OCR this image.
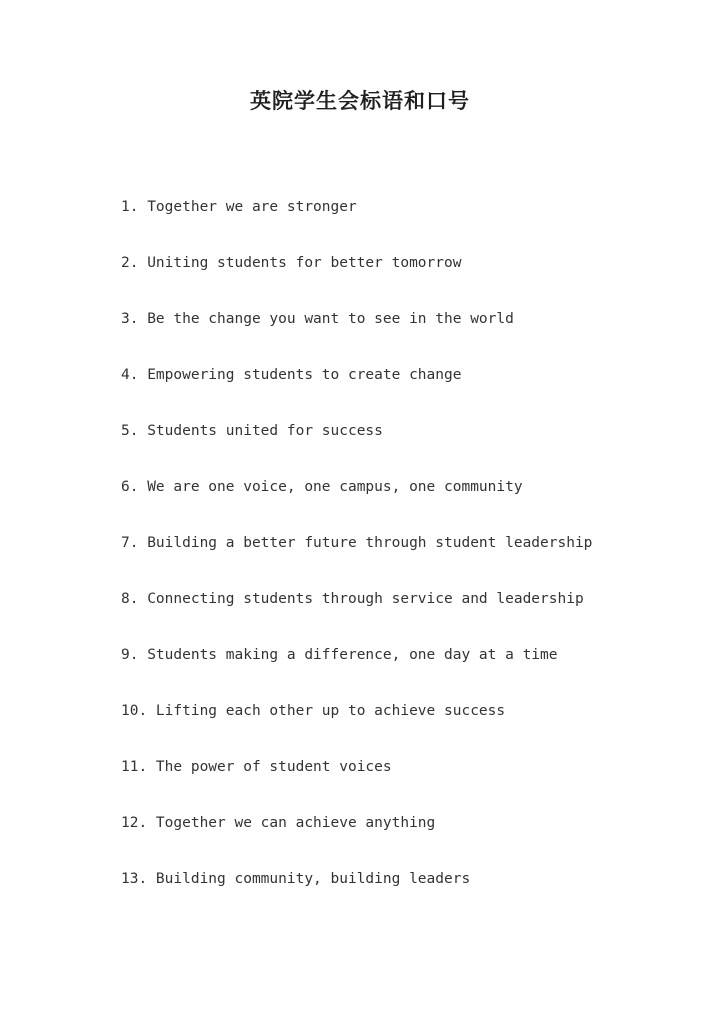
英院学生会标语和口号
1. Together we are stronger
2. Uniting students for better tomorrow
3. Be the change you want to see in the world
4. Empowering students to create change
5. Students united for success
6. We are one voice, one campus, one community
7. Building a better future through student leadership
8. Connecting students through service and leadership
9. Students making a difference, one day at a time
10. Lifting each other up to achieve success
11. The power of student voices
12. Together we can achieve anything
13. Building community, building leaders
